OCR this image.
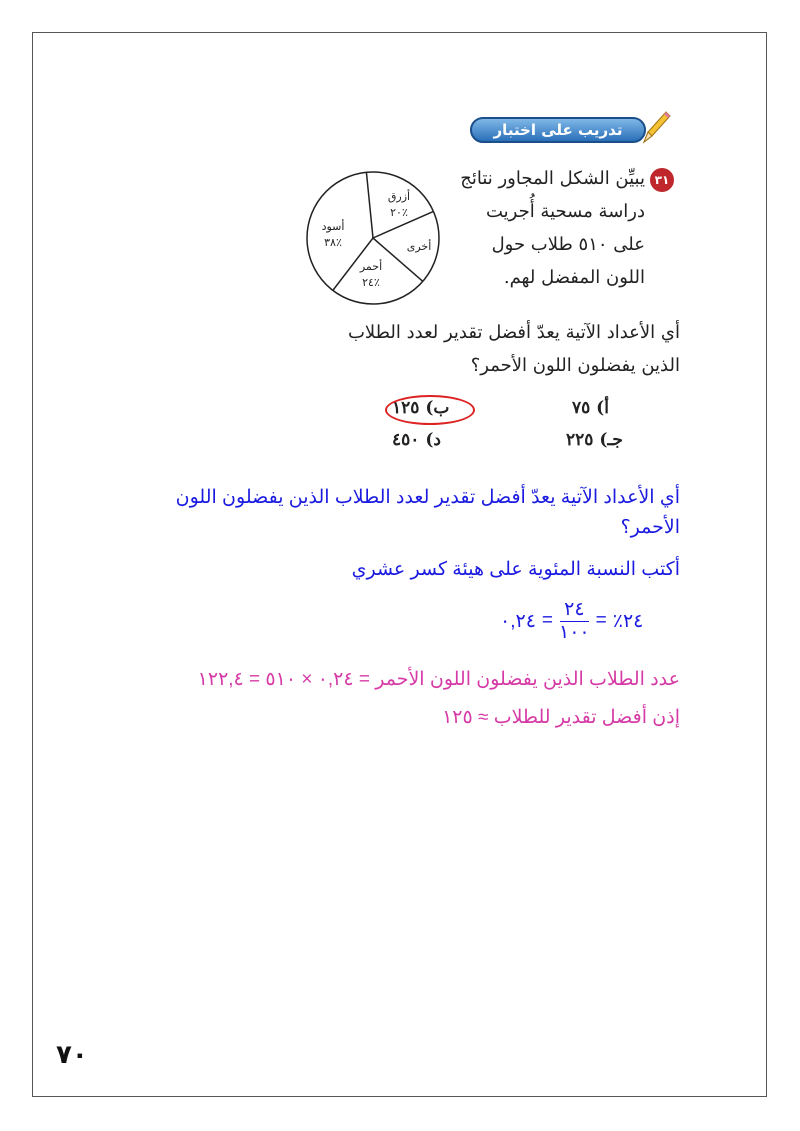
تدريب على اختبار
٣١
يبيِّن الشكل المجاور نتائج
دراسة مسحية أُجريت
على ٥١٠ طلاب حول
اللون المفضل لهم.
أزرق
٢٠٪
أخرى
أحمر
٢٤٪
أسود
٣٨٪
أي الأعداد الآتية يعدّ أفضل تقدير لعدد الطلاب
الذين يفضلون اللون الأحمر؟
أ) ٧٥
ب) ١٢٥
جـ) ٢٢٥
د) ٤٥٠
أي الأعداد الآتية يعدّ أفضل تقدير لعدد الطلاب الذين يفضلون اللون
الأحمر؟
أكتب النسبة المئوية على هيئة كسر عشري
٢٤٪
=
$\frac{٢٤}{١٠٠}$
=
٠,٢٤
عدد الطلاب الذين يفضلون اللون الأحمر = ٠,٢٤ × ٥١٠ = ١٢٢,٤
إذن أفضل تقدير للطلاب ≈ ١٢٥
٧٠
